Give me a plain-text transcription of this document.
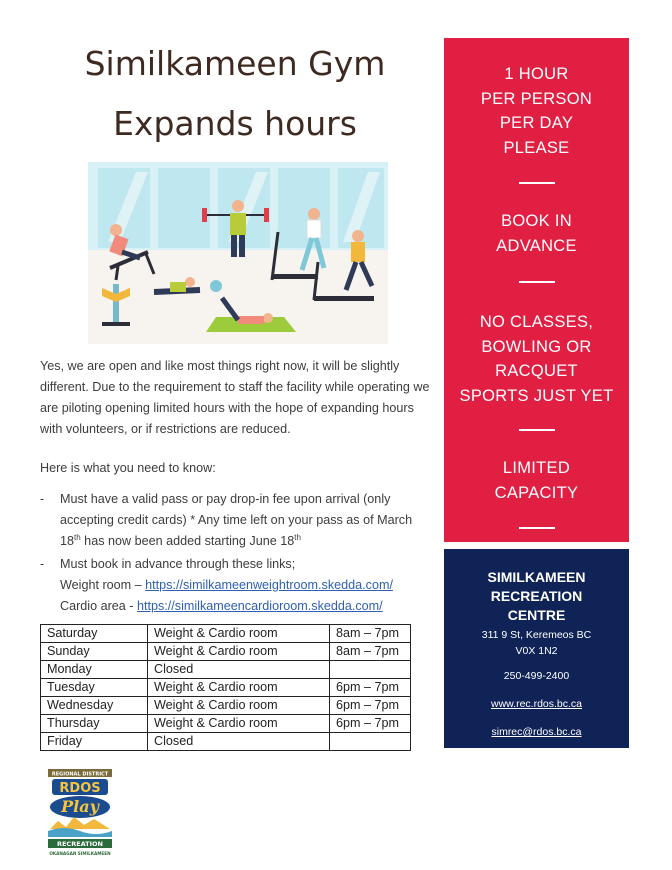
Similkameen Gym
Expands hours
Yes, we are open and like most things right now, it will be slightly different. Due to the requirement to staff the facility while operating we are piloting opening limited hours with the hope of expanding hours with volunteers, or if restrictions are reduced.
Here is what you need to know:
- Must have a valid pass or pay drop-in fee upon arrival (only accepting credit cards) * Any time left on your pass as of March 18th has now been added starting June 18th
- Must book in advance through these links;
Weight room – https://similkameenweightroom.skedda.com/
Cardio area - https://similkameencardioroom.skedda.com/
Saturday	Weight & Cardio room	8am – 7pm
Sunday	Weight & Cardio room	8am – 7pm
Monday	Closed	
Tuesday	Weight & Cardio room	6pm – 7pm
Wednesday	Weight & Cardio room	6pm – 7pm
Thursday	Weight & Cardio room	6pm – 7pm
Friday	Closed	
REGIONAL DISTRICT
RDOS
Play
RECREATION
OKANAGAN SIMILKAMEEN
1 HOUR
PER PERSON
PER DAY
PLEASE
BOOK IN
ADVANCE
NO CLASSES,
BOWLING OR
RACQUET
SPORTS JUST YET
LIMITED
CAPACITY
SIMILKAMEEN
RECREATION
CENTRE
311 9 St, Keremeos BC
V0X 1N2
250-499-2400
www.rec.rdos.bc.ca
simrec@rdos.bc.ca
